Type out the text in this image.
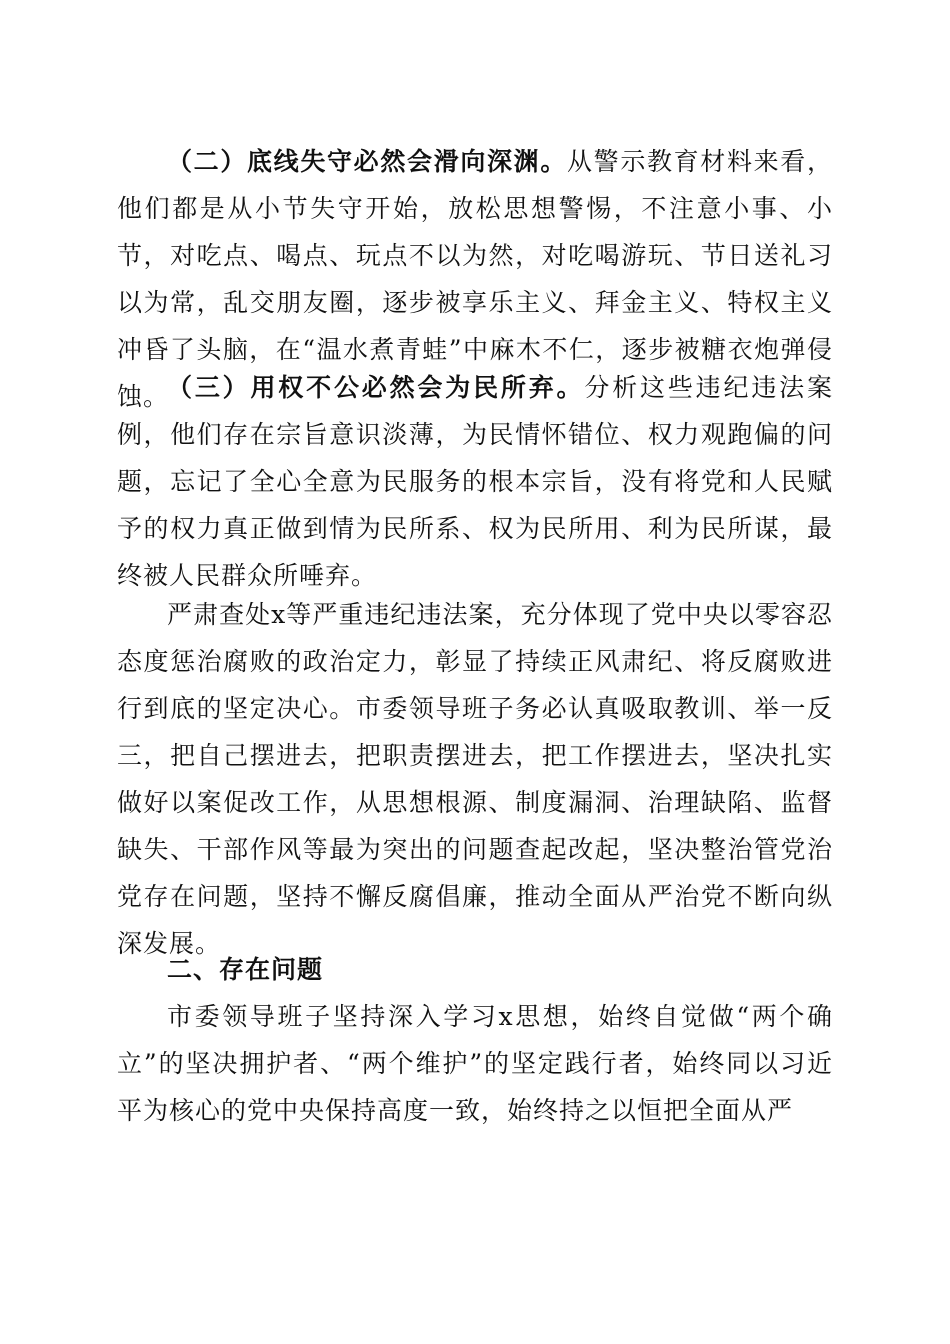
（二）底线失守必然会滑向深渊。从警示教育材料来看，他们都是从小节失守开始，放松思想警惕，不注意小事、小节，对吃点、喝点、玩点不以为然，对吃喝游玩、节日送礼习以为常，乱交朋友圈，逐步被享乐主义、拜金主义、特权主义冲昏了头脑，在“温水煮青蛙”中麻木不仁，逐步被糖衣炮弹侵蚀。

（三）用权不公必然会为民所弃。分析这些违纪违法案例，他们存在宗旨意识淡薄，为民情怀错位、权力观跑偏的问题，忘记了全心全意为民服务的根本宗旨，没有将党和人民赋予的权力真正做到情为民所系、权为民所用、利为民所谋，最终被人民群众所唾弃。

严肃查处x等严重违纪违法案，充分体现了党中央以零容忍态度惩治腐败的政治定力，彰显了持续正风肃纪、将反腐败进行到底的坚定决心。市委领导班子务必认真吸取教训、举一反三，把自己摆进去，把职责摆进去，把工作摆进去，坚决扎实做好以案促改工作，从思想根源、制度漏洞、治理缺陷、监督缺失、干部作风等最为突出的问题查起改起，坚决整治管党治党存在问题，坚持不懈反腐倡廉，推动全面从严治党不断向纵深发展。

二、存在问题

市委领导班子坚持深入学习x思想，始终自觉做“两个确立”的坚决拥护者、“两个维护”的坚定践行者，始终同以习近平为核心的党中央保持高度一致，始终持之以恒把全面从严
